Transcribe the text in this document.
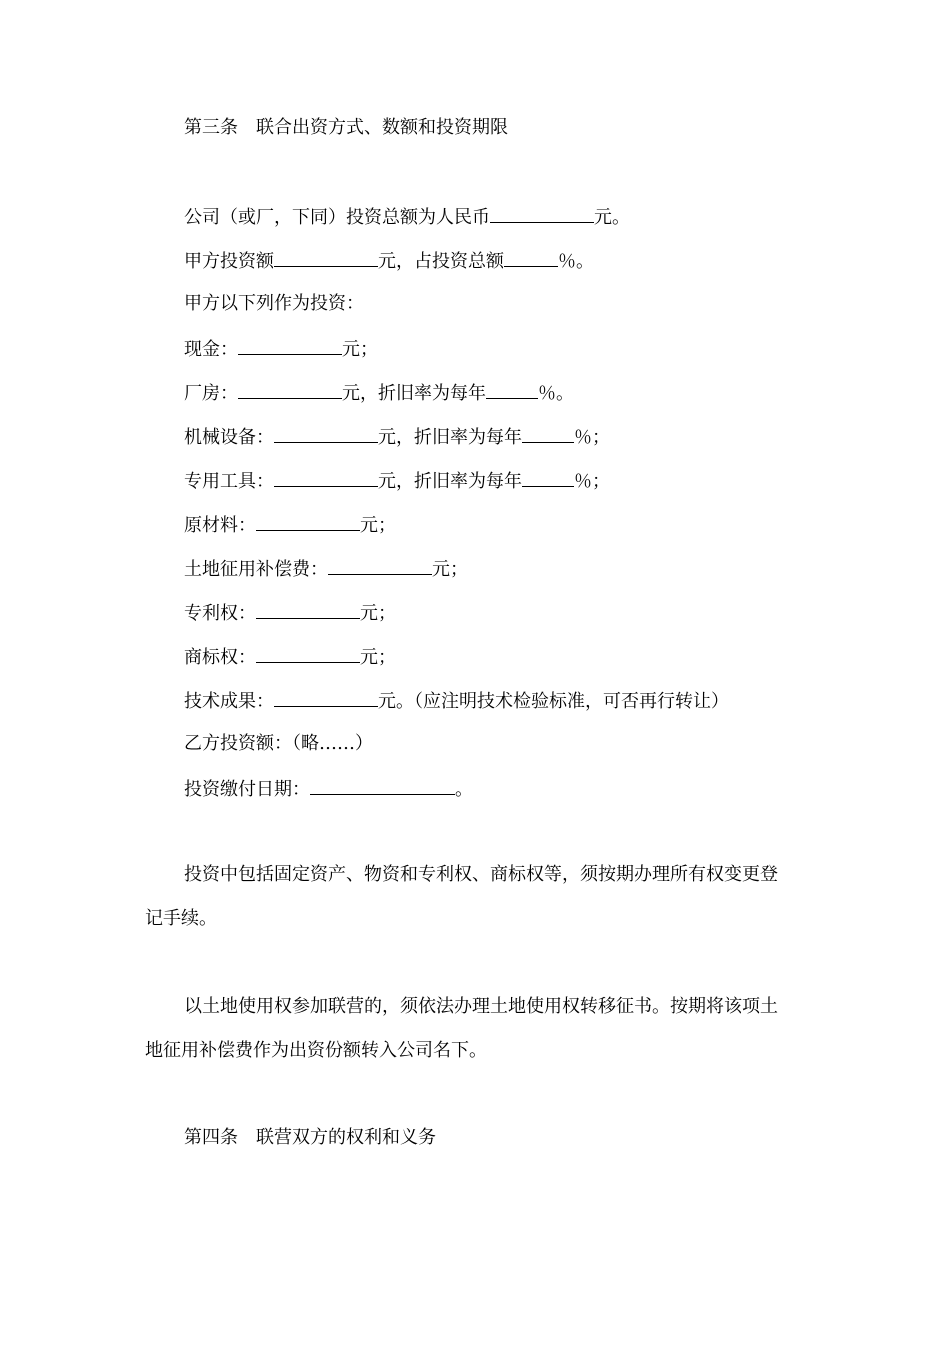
第三条　联合出资方式、数额和投资期限
公司（或厂，下同）投资总额为人民币	元。
甲方投资额	元，占投资总额	％。
甲方以下列作为投资：
现金：	元；
厂房：	元，折旧率为每年	％。
机械设备：	元，折旧率为每年	％；
专用工具：	元，折旧率为每年	％；
原材料：	元；
土地征用补偿费：	元；
专利权：	元；
商标权：	元；
技术成果：	元。（应注明技术检验标准，可否再行转让）
乙方投资额：（略……）
投资缴付日期：	。
投资中包括固定资产、物资和专利权、商标权等，须按期办理所有权变更登
记手续。
以土地使用权参加联营的，须依法办理土地使用权转移征书。按期将该项土
地征用补偿费作为出资份额转入公司名下。
第四条　联营双方的权利和义务
